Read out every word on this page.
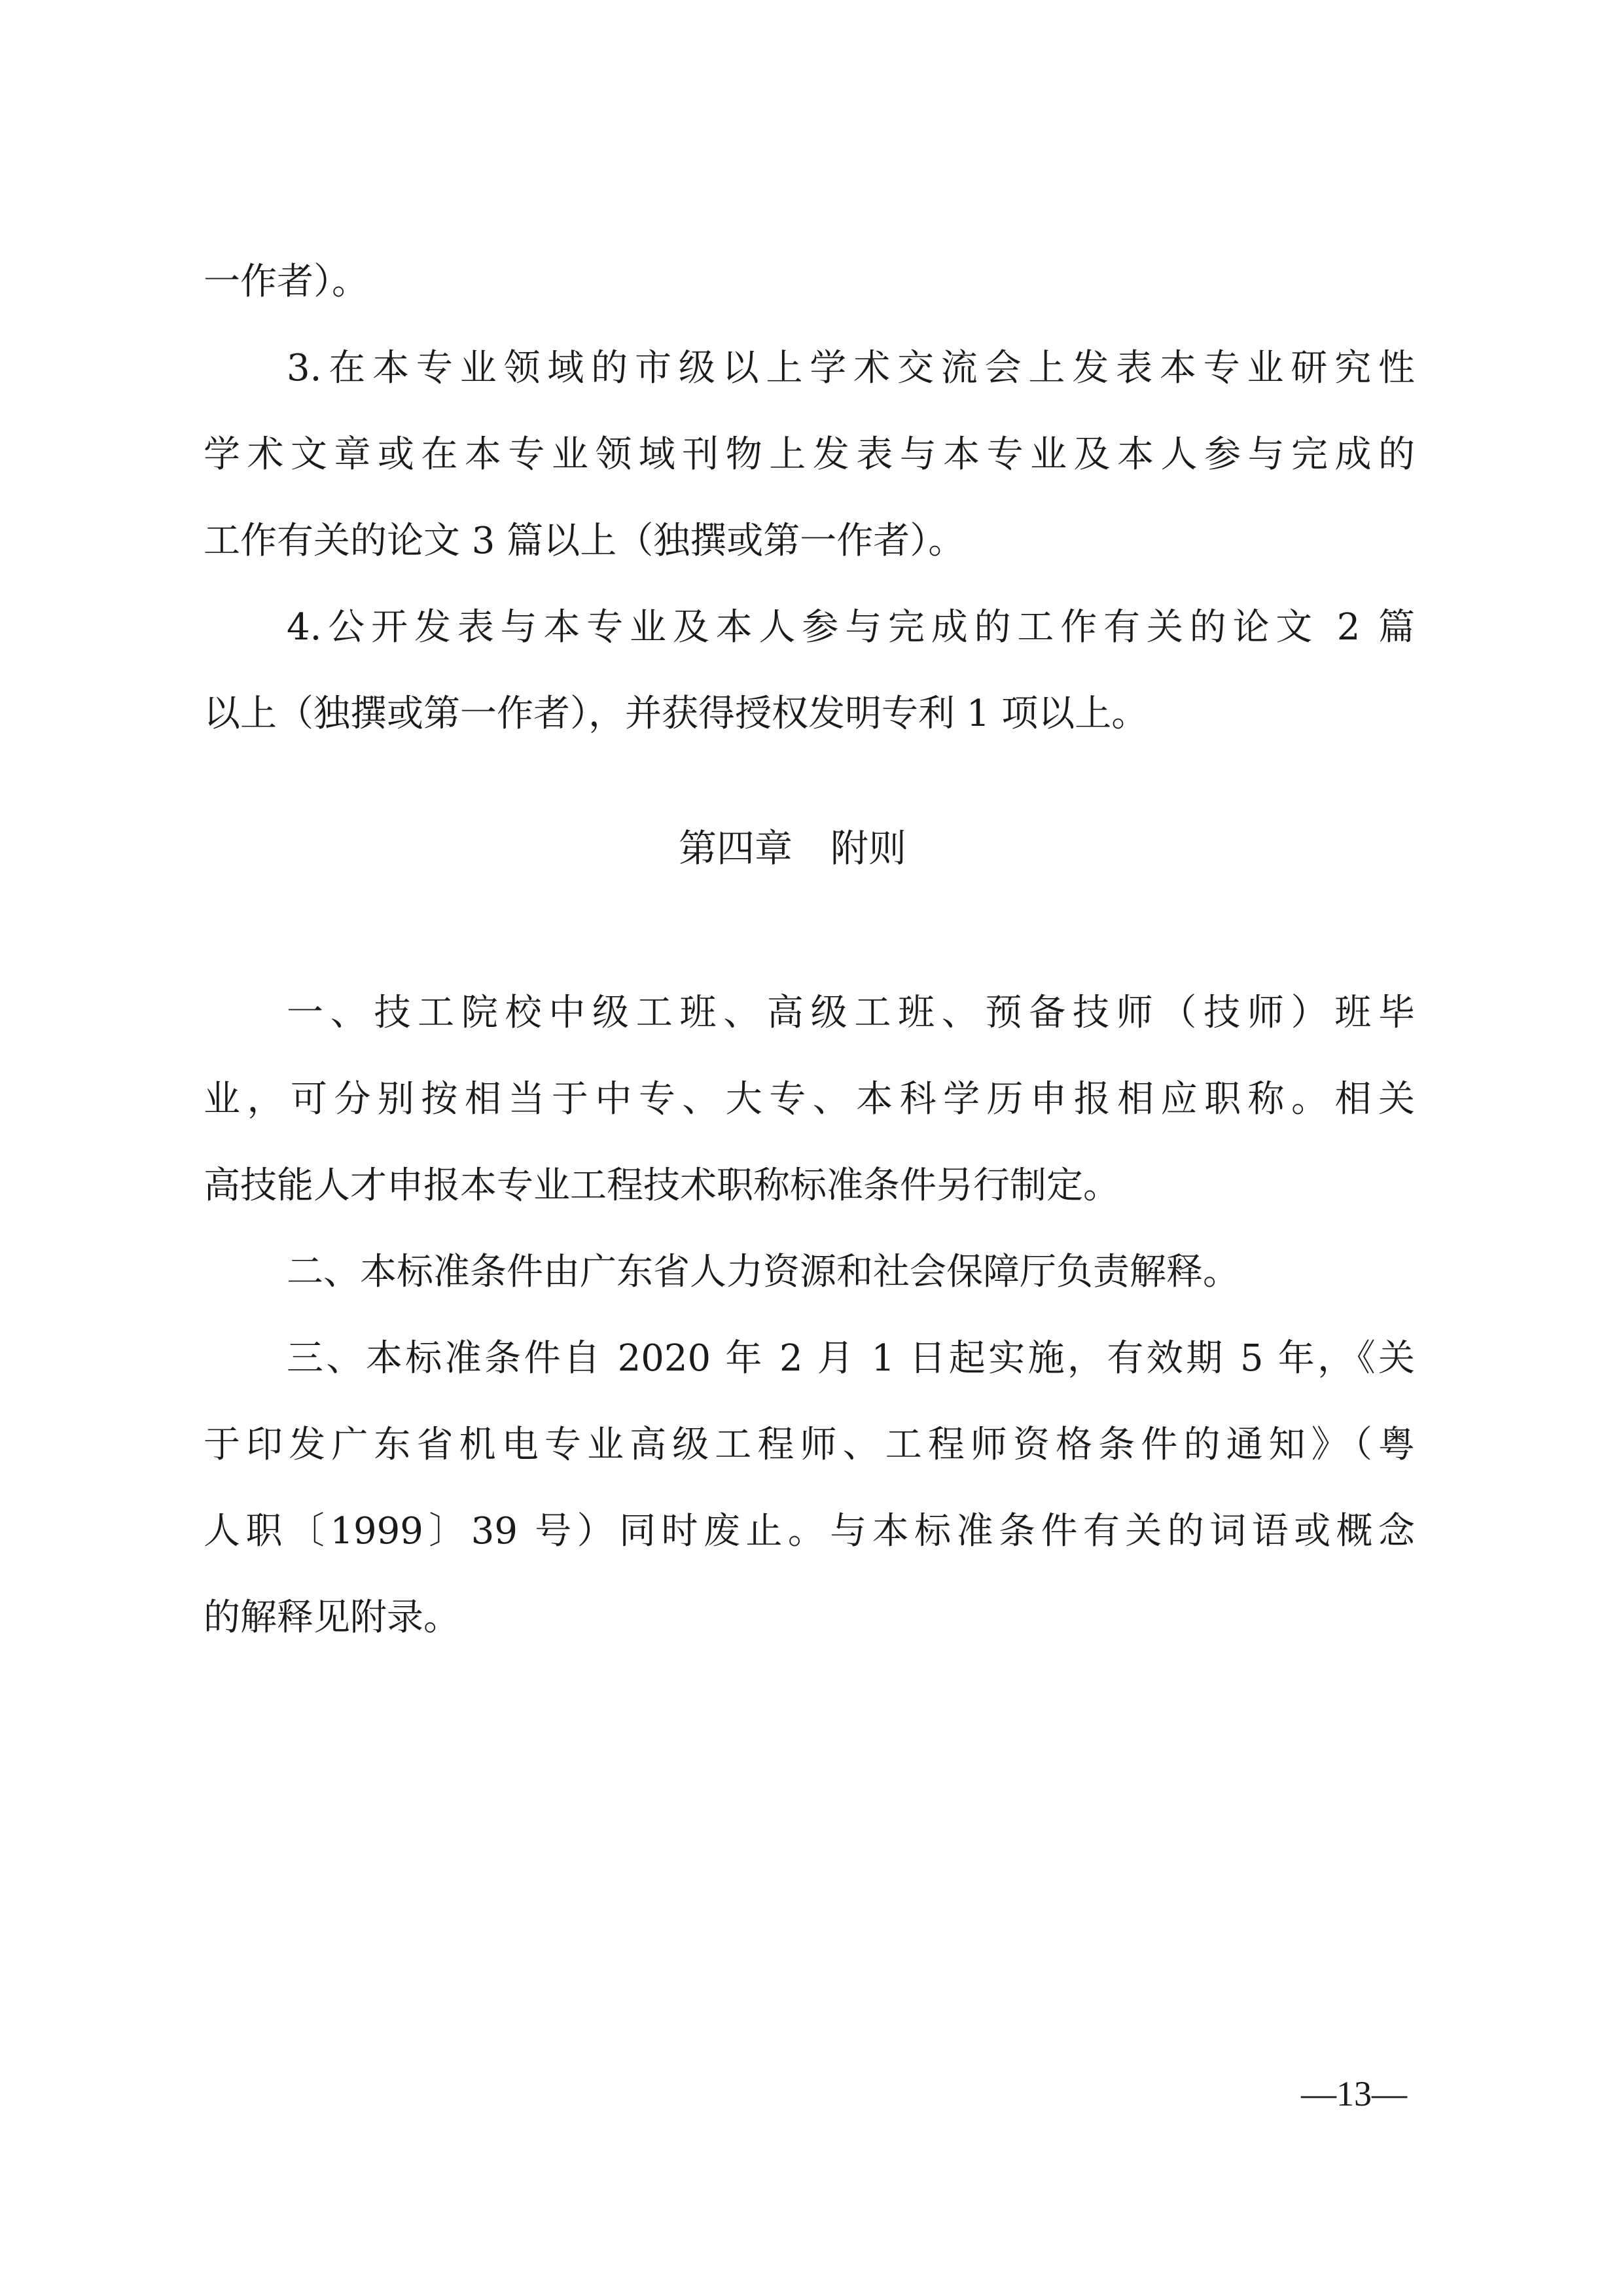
一作者）。
3.在本专业领域的市级以上学术交流会上发表本专业研究性
学术文章或在本专业领域刊物上发表与本专业及本人参与完成的
工作有关的论文 3 篇以上（独撰或第一作者）。
4.公开发表与本专业及本人参与完成的工作有关的论文 2 篇
以上（独撰或第一作者），并获得授权发明专利 1 项以上。
第四章　附则
一、技工院校中级工班、高级工班、预备技师（技师）班毕
业，可分别按相当于中专、大专、本科学历申报相应职称。相关
高技能人才申报本专业工程技术职称标准条件另行制定。
二、本标准条件由广东省人力资源和社会保障厅负责解释。
三、本标准条件自 2020 年 2 月 1 日起实施，有效期 5 年，《关
于印发广东省机电专业高级工程师、工程师资格条件的通知》（粤
人职〔1999〕39 号）同时废止。与本标准条件有关的词语或概念
的解释见附录。
—13—
